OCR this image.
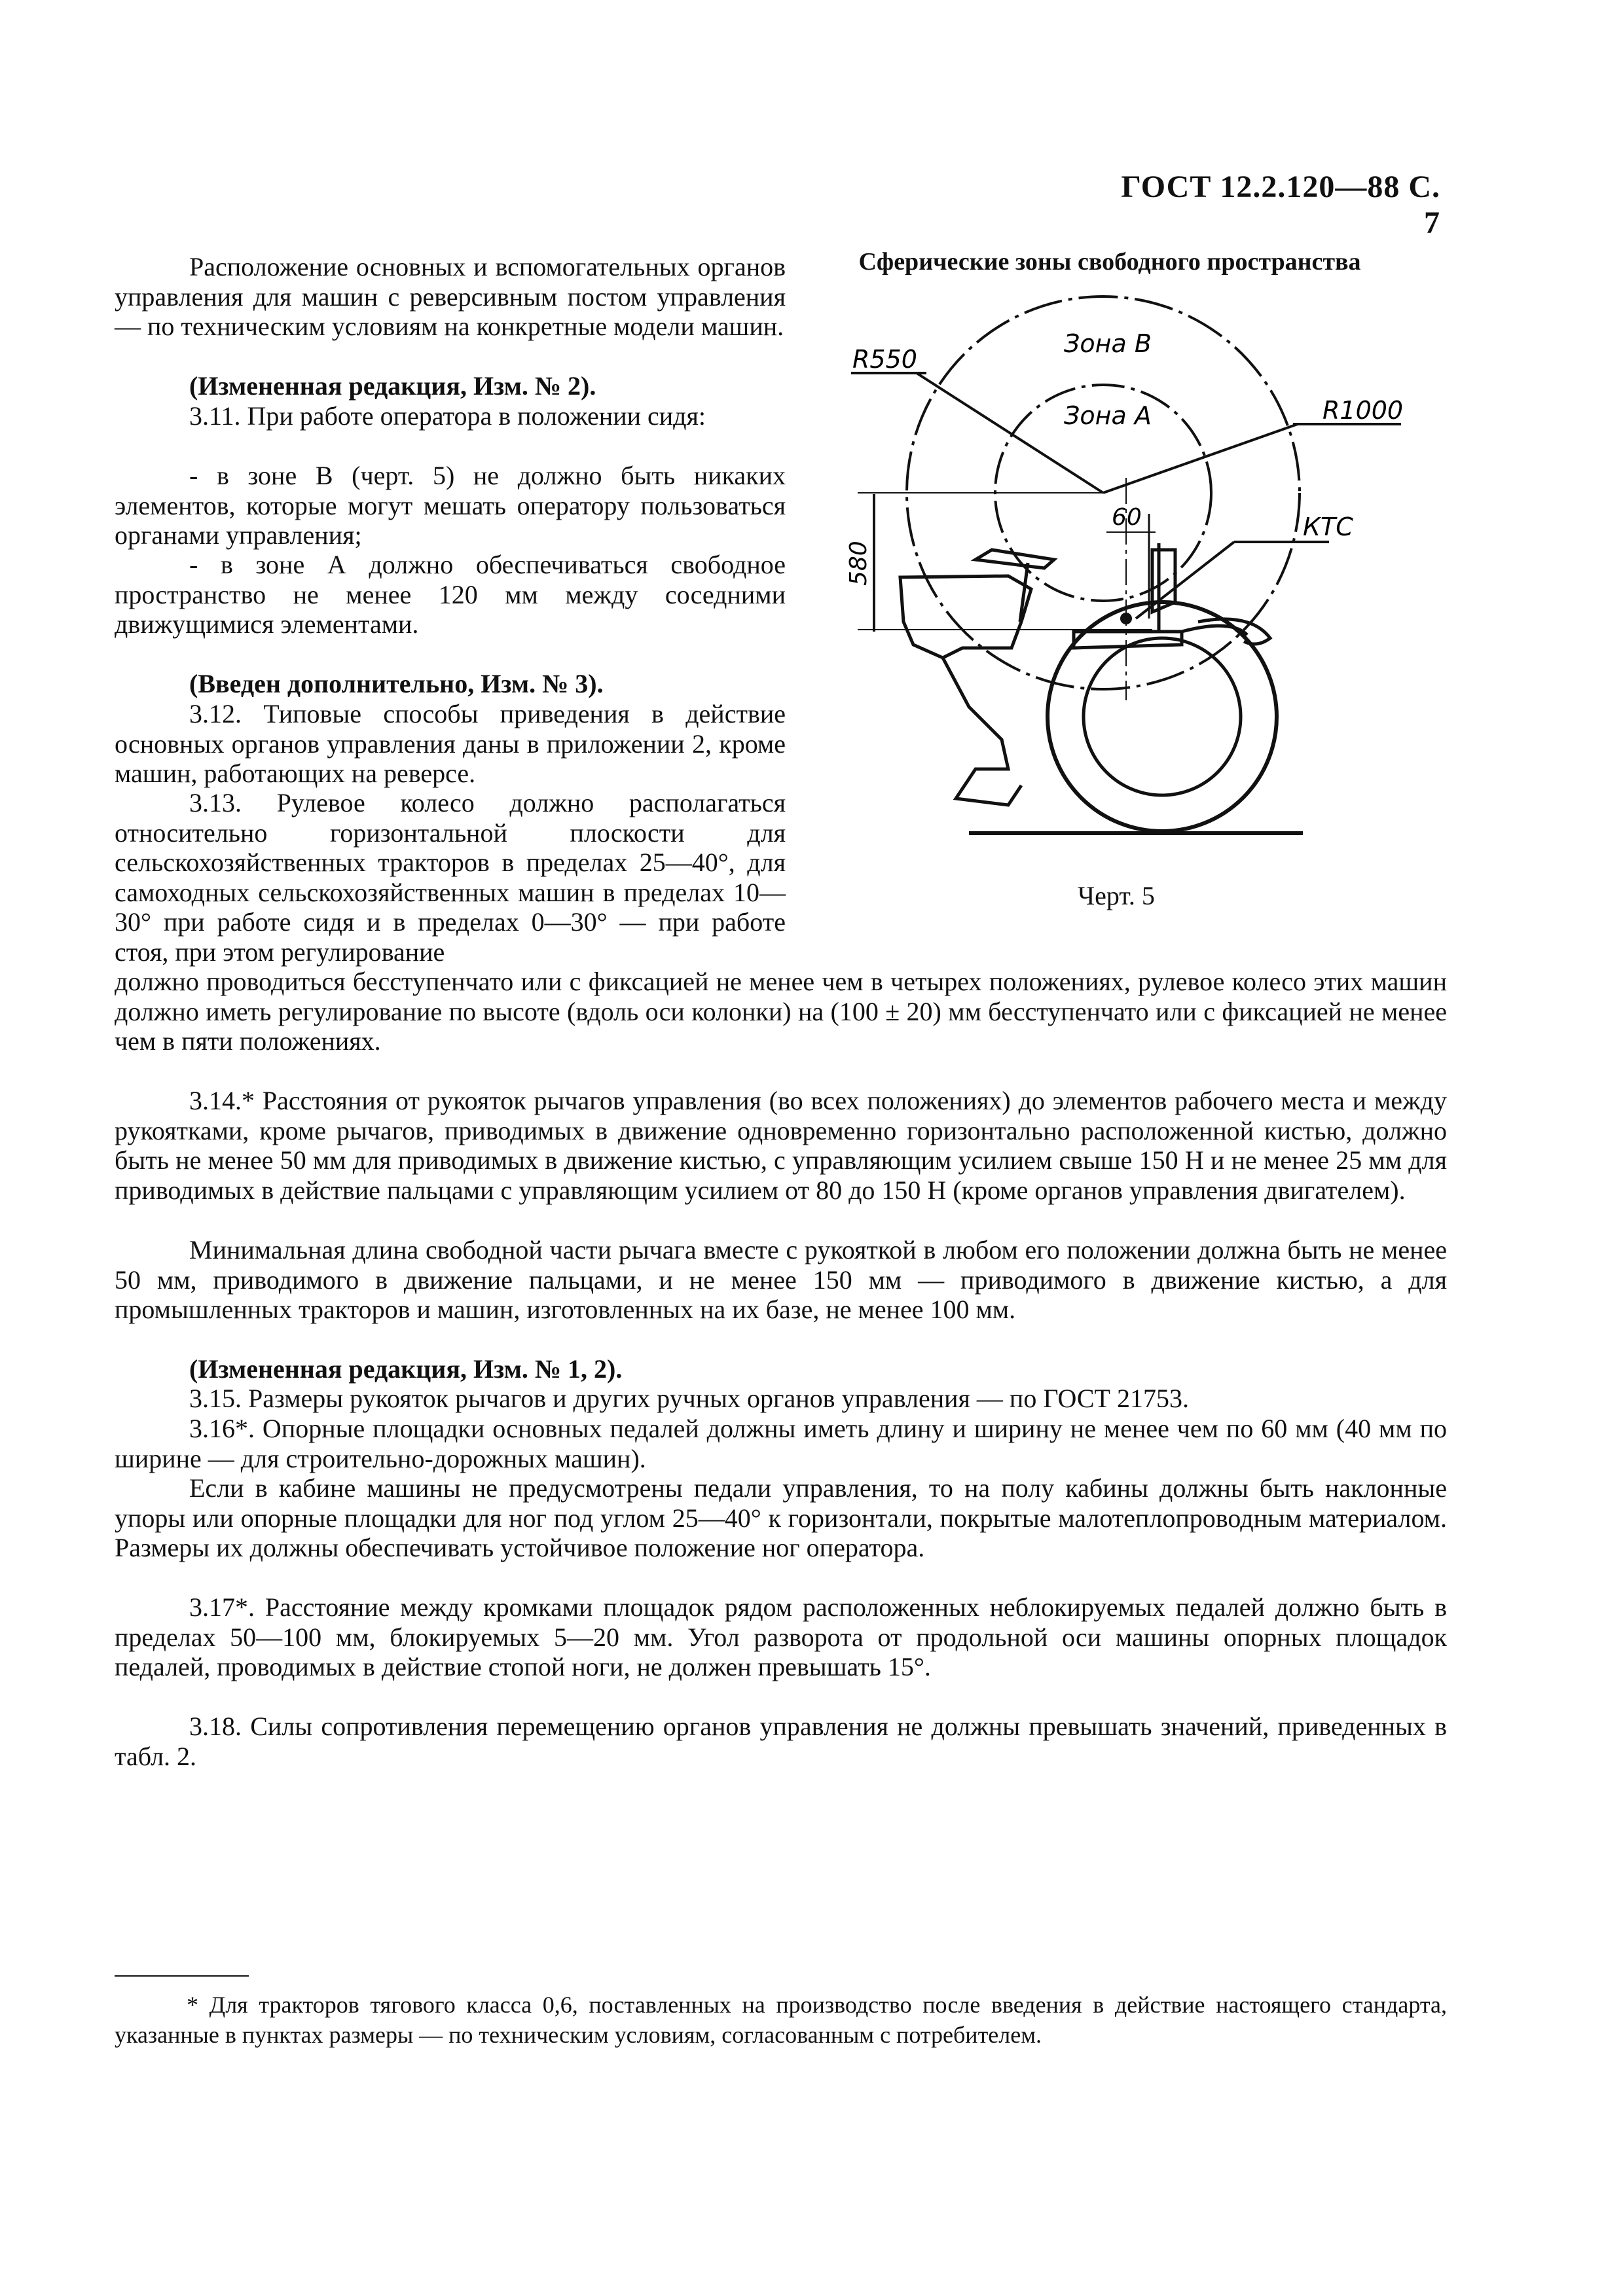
ГОСТ 12.2.120—88 С. 7

Расположение основных и вспомогательных органов управления для машин с реверсивным постом управления — по техническим условиям на конкретные модели машин.

(Измененная редакция, Изм. № 2).

3.11. При работе оператора в положении сидя:

- в зоне В (черт. 5) не должно быть никаких элементов, которые могут мешать оператору пользоваться органами управления;

- в зоне А должно обеспечиваться свободное пространство не менее 120 мм между соседними движущимися элементами.

(Введен дополнительно, Изм. № 3).

3.12. Типовые способы приведения в действие основных органов управления даны в приложении 2, кроме машин, работающих на реверсе.

3.13. Рулевое колесо должно располагаться относительно горизонтальной плоскости для сельскохозяйственных тракторов в пределах 25—40°, для самоходных сельскохозяйственных машин в пределах 10—30° при работе сидя и в пределах 0—30° — при работе стоя, при этом регулирование

должно проводиться бесступенчато или с фиксацией не менее чем в четырех положениях, рулевое колесо этих машин должно иметь регулирование по высоте (вдоль оси колонки) на (100 ± 20) мм бесступенчато или с фиксацией не менее чем в пяти положениях.

3.14.* Расстояния от рукояток рычагов управления (во всех положениях) до элементов рабочего места и между рукоятками, кроме рычагов, приводимых в движение одновременно горизонтально расположенной кистью, должно быть не менее 50 мм для приводимых в движение кистью, с управляющим усилием свыше 150 Н и не менее 25 мм для приводимых в действие пальцами с управляющим усилием от 80 до 150 Н (кроме органов управления двигателем).

Минимальная длина свободной части рычага вместе с рукояткой в любом его положении должна быть не менее 50 мм, приводимого в движение пальцами, и не менее 150 мм — приводимого в движение кистью, а для промышленных тракторов и машин, изготовленных на их базе, не менее 100 мм.

(Измененная редакция, Изм. № 1, 2).

3.15. Размеры рукояток рычагов и других ручных органов управления — по ГОСТ 21753.

3.16*. Опорные площадки основных педалей должны иметь длину и ширину не менее чем по 60 мм (40 мм по ширине — для строительно-дорожных машин).

Если в кабине машины не предусмотрены педали управления, то на полу кабины должны быть наклонные упоры или опорные площадки для ног под углом 25—40° к горизонтали, покрытые малотеплопроводным материалом. Размеры их должны обеспечивать устойчивое положение ног оператора.

3.17*. Расстояние между кромками площадок рядом расположенных неблокируемых педалей должно быть в пределах 50—100 мм, блокируемых 5—20 мм. Угол разворота от продольной оси машины опорных площадок педалей, проводимых в действие стопой ноги, не должен превышать 15°.

3.18. Силы сопротивления перемещению органов управления не должны превышать значений, приведенных в табл. 2.

Сферические зоны свободного пространства
Зона В
Зона А
R550
R1000
60	КТС
580
Черт. 5
* Для тракторов тягового класса 0,6, поставленных на производство после введения в действие настоящего стандарта, указанные в пунктах размеры — по техническим условиям, согласованным с потребителем.
